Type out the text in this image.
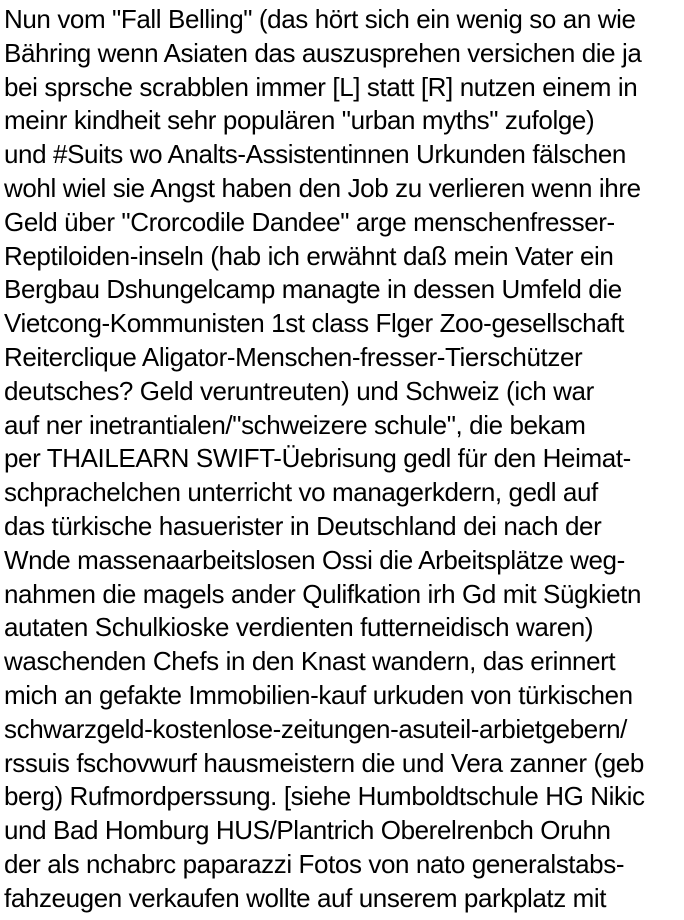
Nun vom "Fall Belling" (das hört sich ein wenig so an wie
Bähring wenn Asiaten das auszusprehen versichen die ja
bei sprsche scrabblen immer [L] statt [R] nutzen einem in
meinr kindheit sehr populären "urban myths" zufolge)
und #Suits wo Analts-Assistentinnen Urkunden fälschen
wohl wiel sie Angst haben den Job zu verlieren wenn ihre
Geld über "Crorcodile Dandee" arge menschenfresser-
Reptiloiden-inseln (hab ich erwähnt daß mein Vater ein
Bergbau Dshungelcamp managte in dessen Umfeld die
Vietcong-Kommunisten 1st class Flger Zoo-gesellschaft
Reiterclique Aligator-Menschen-fresser-Tierschützer
deutsches? Geld veruntreuten) und Schweiz (ich war
auf ner inetrantialen/"schweizere schule", die bekam
per THAILEARN SWIFT-Üebrisung gedl für den Heimat-
schprachelchen unterricht vo managerkdern, gedl auf
das türkische hasuerister in Deutschland dei nach der
Wnde massenaarbeitslosen Ossi die Arbeitsplätze weg-
nahmen die magels ander Qulifkation irh Gd mit Sügkietn
autaten Schulkioske verdienten futterneidisch waren)
waschenden Chefs in den Knast wandern, das erinnert
mich an gefakte Immobilien-kauf urkuden von türkischen
schwarzgeld-kostenlose-zeitungen-asuteil-arbietgebern/
rssuis fschovwurf hausmeistern die und Vera zanner (geb
berg) Rufmordperssung. [siehe Humboldtschule HG Nikic
und Bad Homburg HUS/Plantrich Oberelrenbch Oruhn
der als nchabrc paparazzi Fotos von nato generalstabs-
fahzeugen verkaufen wollte auf unserem parkplatz mit
